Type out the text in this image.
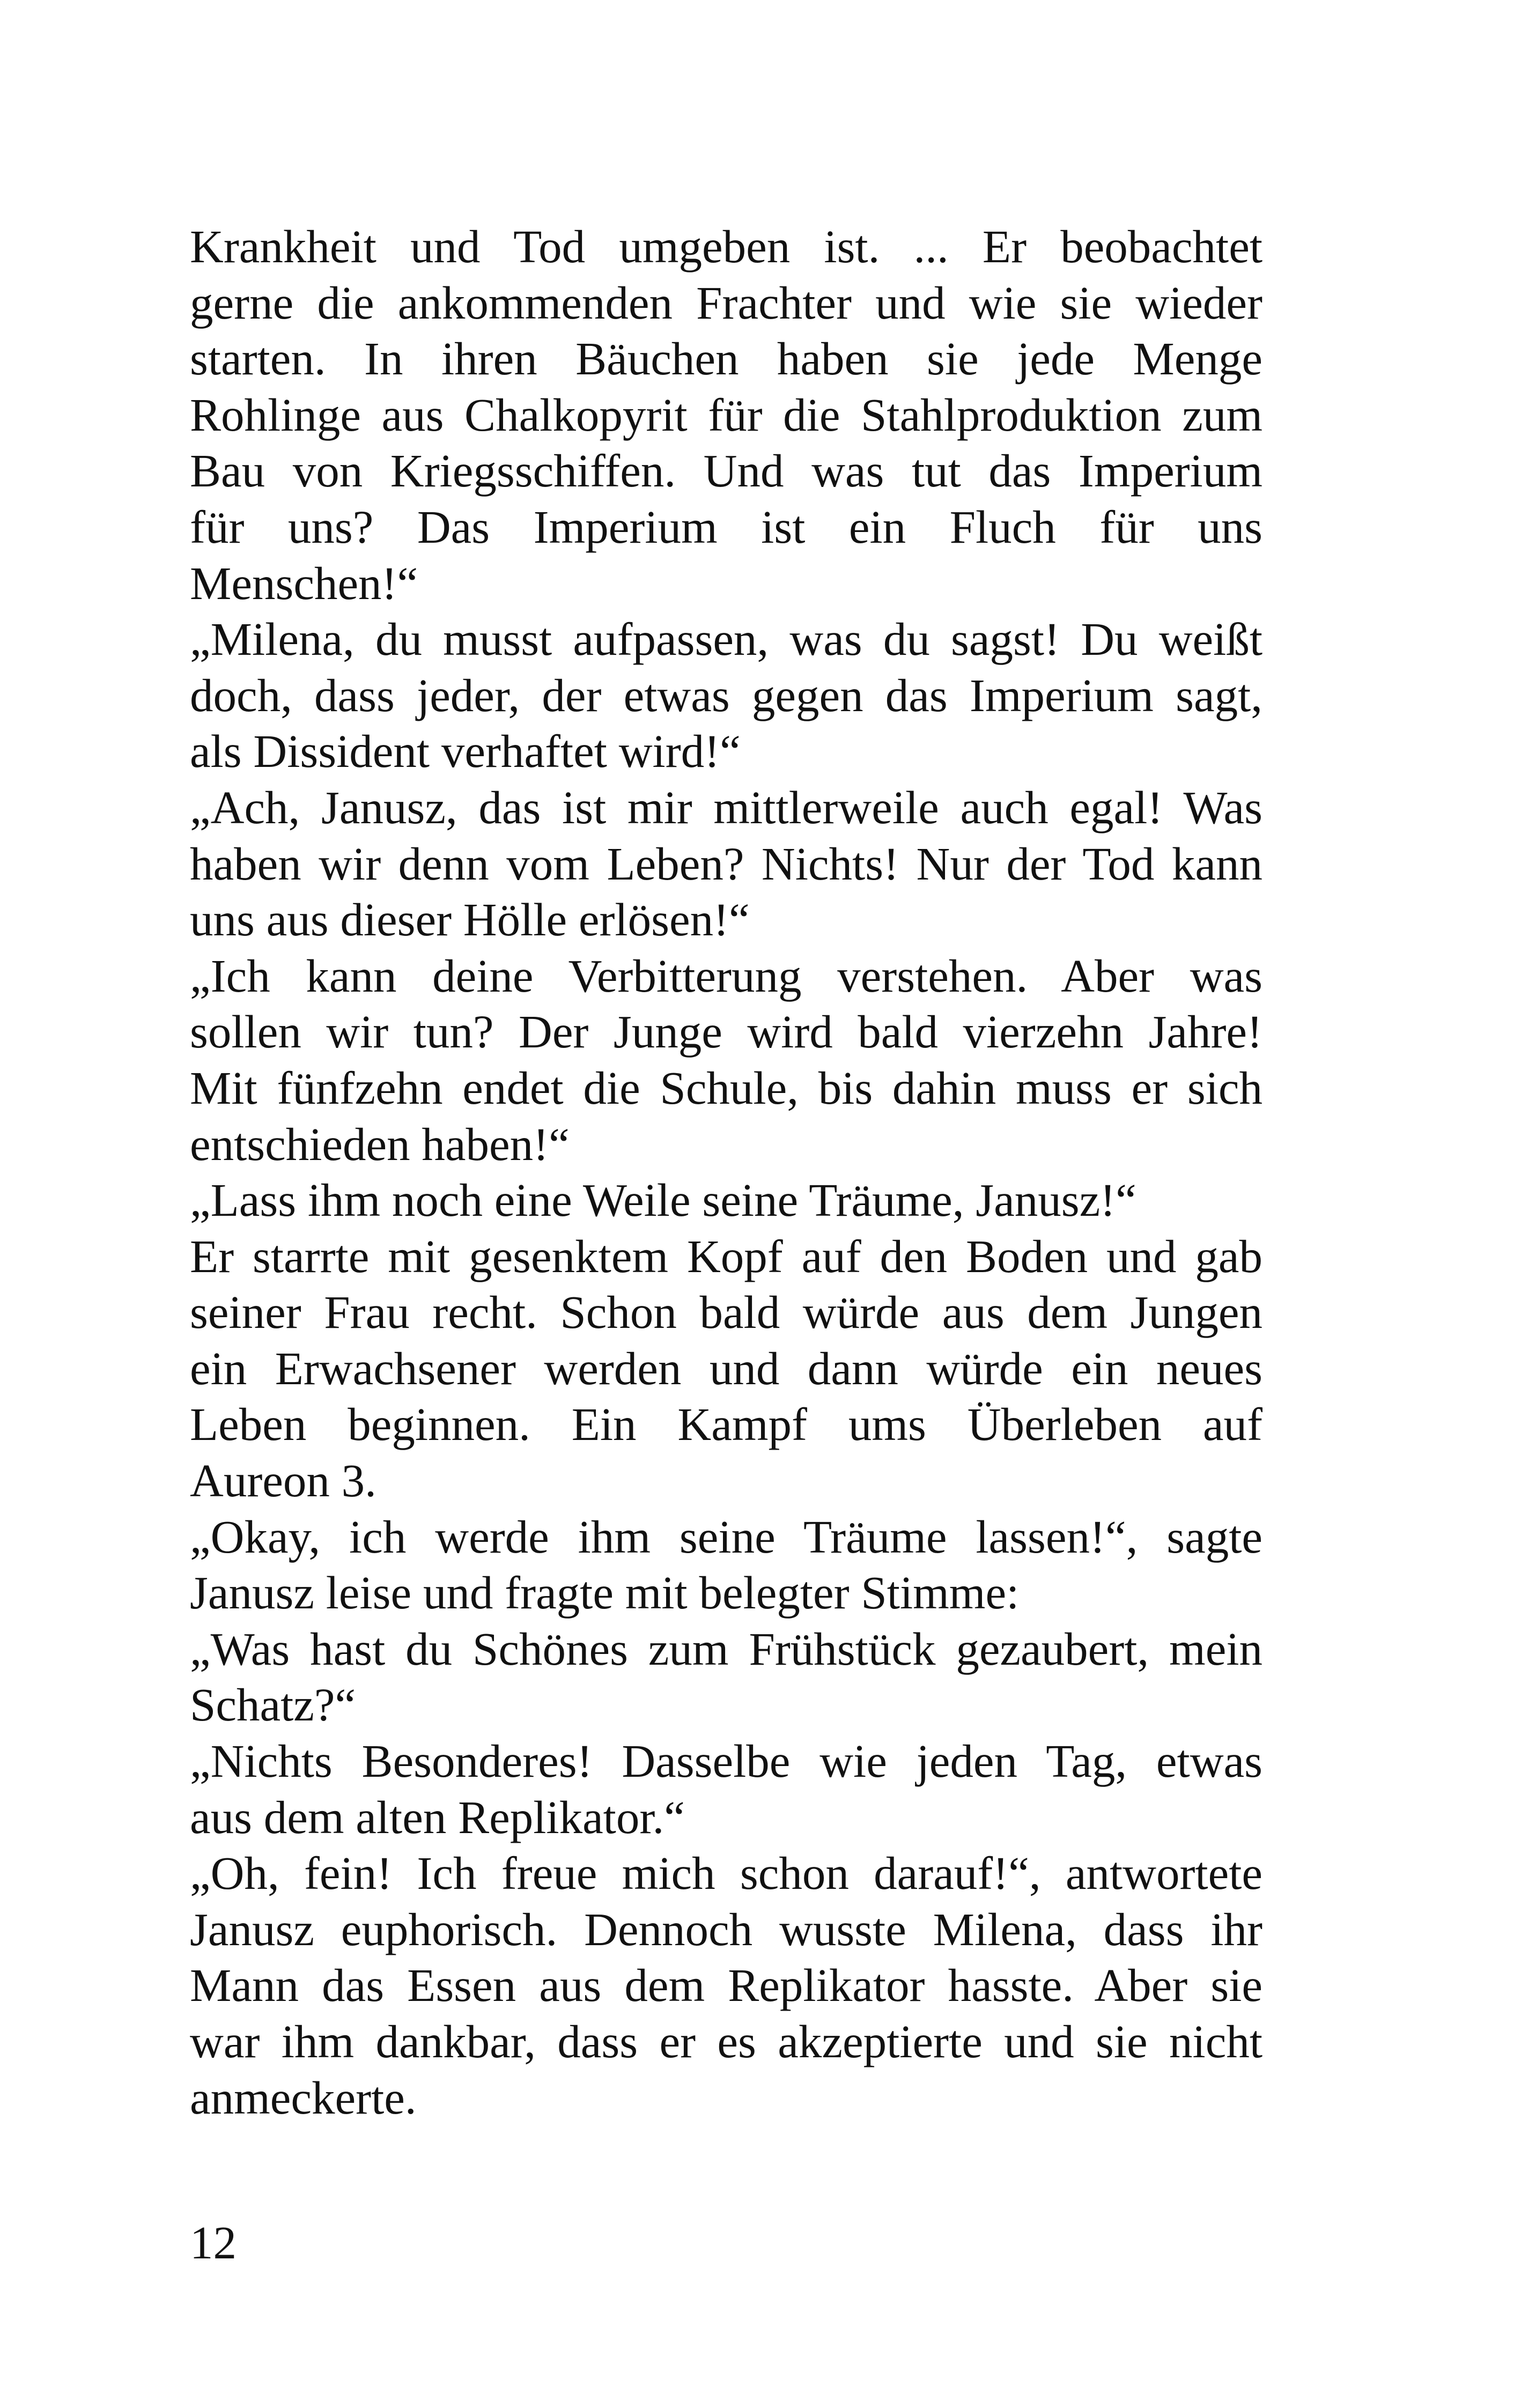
Krankheit und Tod umgeben ist. ... Er beobachtet
gerne die ankommenden Frachter und wie sie wieder
starten. In ihren Bäuchen haben sie jede Menge
Rohlinge aus Chalkopyrit für die Stahlproduktion zum
Bau von Kriegsschiffen. Und was tut das Imperium
für uns? Das Imperium ist ein Fluch für uns
Menschen!“
„Milena, du musst aufpassen, was du sagst! Du weißt
doch, dass jeder, der etwas gegen das Imperium sagt,
als Dissident verhaftet wird!“
„Ach, Janusz, das ist mir mittlerweile auch egal! Was
haben wir denn vom Leben? Nichts! Nur der Tod kann
uns aus dieser Hölle erlösen!“
„Ich kann deine Verbitterung verstehen. Aber was
sollen wir tun? Der Junge wird bald vierzehn Jahre!
Mit fünfzehn endet die Schule, bis dahin muss er sich
entschieden haben!“
„Lass ihm noch eine Weile seine Träume, Janusz!“
Er starrte mit gesenktem Kopf auf den Boden und gab
seiner Frau recht. Schon bald würde aus dem Jungen
ein Erwachsener werden und dann würde ein neues
Leben beginnen. Ein Kampf ums Überleben auf
Aureon 3.
„Okay, ich werde ihm seine Träume lassen!“, sagte
Janusz leise und fragte mit belegter Stimme:
„Was hast du Schönes zum Frühstück gezaubert, mein
Schatz?“
„Nichts Besonderes! Dasselbe wie jeden Tag, etwas
aus dem alten Replikator.“
„Oh, fein! Ich freue mich schon darauf!“, antwortete
Janusz euphorisch. Dennoch wusste Milena, dass ihr
Mann das Essen aus dem Replikator hasste. Aber sie
war ihm dankbar, dass er es akzeptierte und sie nicht
anmeckerte.
12
